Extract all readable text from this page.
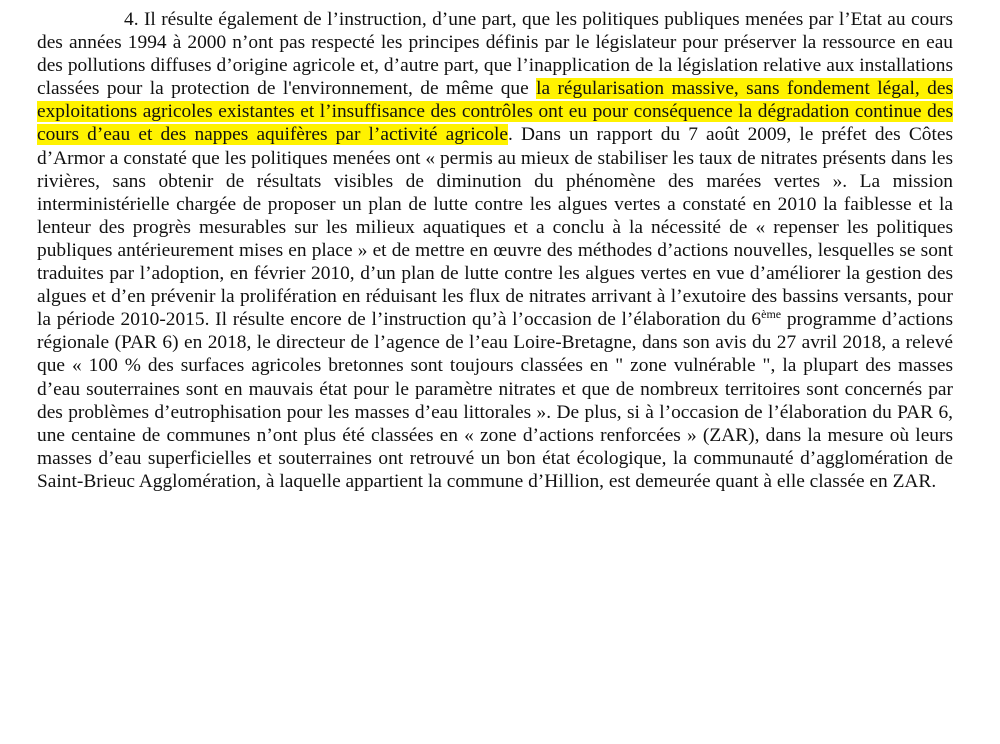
4. Il résulte également de l’instruction, d’une part, que les politiques publiques menées par l’Etat au cours des années 1994 à 2000 n’ont pas respecté les principes définis par le législateur pour préserver la ressource en eau des pollutions diffuses d’origine agricole et, d’autre part, que l’inapplication de la législation relative aux installations classées pour la protection de l'environnement, de même que la régularisation massive, sans fondement légal, des exploitations agricoles existantes et l’insuffisance des contrôles ont eu pour conséquence la dégradation continue des cours d’eau et des nappes aquifères par l’activité agricole. Dans un rapport du 7 août 2009, le préfet des Côtes d’Armor a constaté que les politiques menées ont « permis au mieux de stabiliser les taux de nitrates présents dans les rivières, sans obtenir de résultats visibles de diminution du phénomène des marées vertes ». La mission interministérielle chargée de proposer un plan de lutte contre les algues vertes a constaté en 2010 la faiblesse et la lenteur des progrès mesurables sur les milieux aquatiques et a conclu à la nécessité de « repenser les politiques publiques antérieurement mises en place » et de mettre en œuvre des méthodes d’actions nouvelles, lesquelles se sont traduites par l’adoption, en février 2010, d’un plan de lutte contre les algues vertes en vue d’améliorer la gestion des algues et d’en prévenir la prolifération en réduisant les flux de nitrates arrivant à l’exutoire des bassins versants, pour la période 2010-2015. Il résulte encore de l’instruction qu’à l’occasion de l’élaboration du 6ème programme d’actions régionale (PAR 6) en 2018, le directeur de l’agence de l’eau Loire-Bretagne, dans son avis du 27 avril 2018, a relevé que « 100 % des surfaces agricoles bretonnes sont toujours classées en " zone vulnérable ", la plupart des masses d’eau souterraines sont en mauvais état pour le paramètre nitrates et que de nombreux territoires sont concernés par des problèmes d’eutrophisation pour les masses d’eau littorales ». De plus, si à l’occasion de l’élaboration du PAR 6, une centaine de communes n’ont plus été classées en « zone d’actions renforcées » (ZAR), dans la mesure où leurs masses d’eau superficielles et souterraines ont retrouvé un bon état écologique, la communauté d’agglomération de Saint-Brieuc Agglomération, à laquelle appartient la commune d’Hillion, est demeurée quant à elle classée en ZAR.
